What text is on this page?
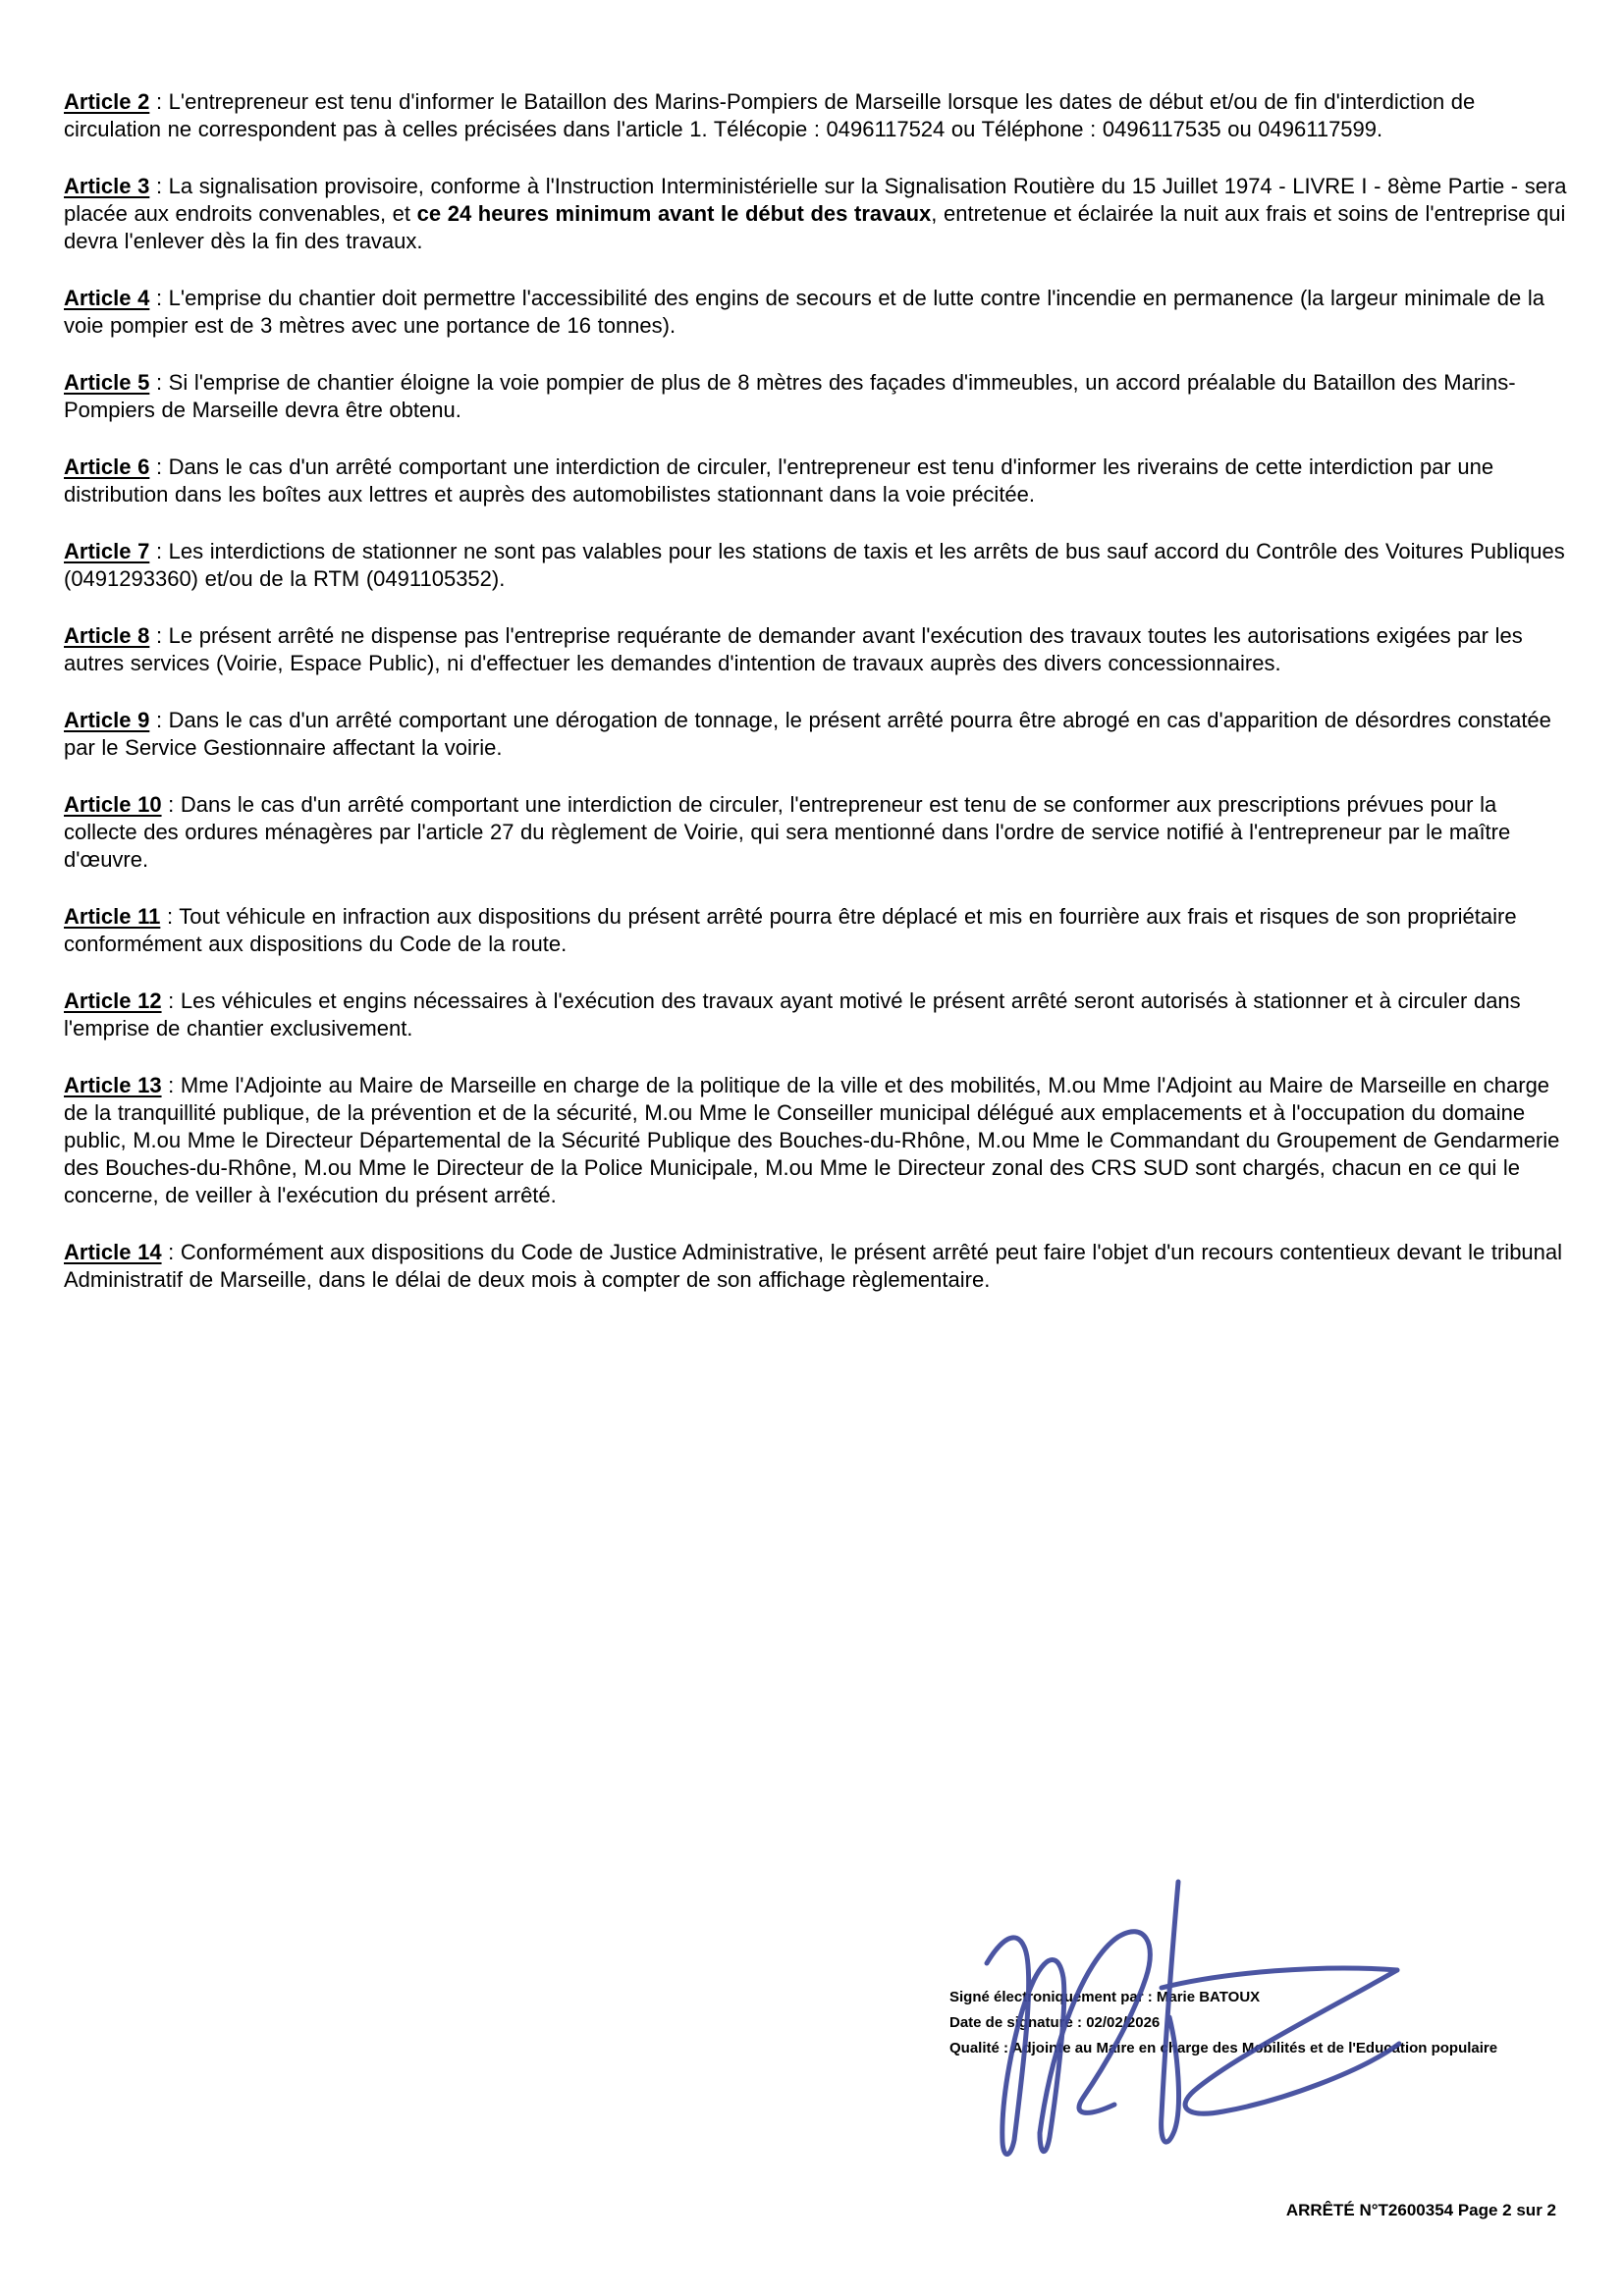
Article 2 : L'entrepreneur est tenu d'informer le Bataillon des Marins-Pompiers de Marseille lorsque les dates de début et/ou de fin d'interdiction de circulation ne correspondent pas à celles précisées dans l'article 1. Télécopie : 0496117524 ou Téléphone : 0496117535 ou 0496117599.

Article 3 : La signalisation provisoire, conforme à l'Instruction Interministérielle sur la Signalisation Routière du 15 Juillet 1974 - LIVRE I - 8ème Partie - sera placée aux endroits convenables, et ce 24 heures minimum avant le début des travaux, entretenue et éclairée la nuit aux frais et soins de l'entreprise qui devra l'enlever dès la fin des travaux.

Article 4 : L'emprise du chantier doit permettre l'accessibilité des engins de secours et de lutte contre l'incendie en permanence (la largeur minimale de la voie pompier est de 3 mètres avec une portance de 16 tonnes).

Article 5 : Si l'emprise de chantier éloigne la voie pompier de plus de 8 mètres des façades d'immeubles, un accord préalable du Bataillon des Marins-Pompiers de Marseille devra être obtenu.

Article 6 : Dans le cas d'un arrêté comportant une interdiction de circuler, l'entrepreneur est tenu d'informer les riverains de cette interdiction par une distribution dans les boîtes aux lettres et auprès des automobilistes stationnant dans la voie précitée.

Article 7 : Les interdictions de stationner ne sont pas valables pour les stations de taxis et les arrêts de bus sauf accord du Contrôle des Voitures Publiques (0491293360) et/ou de la RTM (0491105352).

Article 8 : Le présent arrêté ne dispense pas l'entreprise requérante de demander avant l'exécution des travaux toutes les autorisations exigées par les autres services (Voirie, Espace Public), ni d'effectuer les demandes d'intention de travaux auprès des divers concessionnaires.

Article 9 : Dans le cas d'un arrêté comportant une dérogation de tonnage, le présent arrêté pourra être abrogé en cas d'apparition de désordres constatée par le Service Gestionnaire affectant la voirie.

Article 10 : Dans le cas d'un arrêté comportant une interdiction de circuler, l'entrepreneur est tenu de se conformer aux prescriptions prévues pour la collecte des ordures ménagères par l'article 27 du règlement de Voirie, qui sera mentionné dans l'ordre de service notifié à l'entrepreneur par le maître d'œuvre.

Article 11 : Tout véhicule en infraction aux dispositions du présent arrêté pourra être déplacé et mis en fourrière aux frais et risques de son propriétaire conformément aux dispositions du Code de la route.

Article 12 : Les véhicules et engins nécessaires à l'exécution des travaux ayant motivé le présent arrêté seront autorisés à stationner et à circuler dans l'emprise de chantier exclusivement.

Article 13 : Mme l'Adjointe au Maire de Marseille en charge de la politique de la ville et des mobilités, M.ou Mme l'Adjoint au Maire de Marseille en charge de la tranquillité publique, de la prévention et de la sécurité, M.ou Mme le Conseiller municipal délégué aux emplacements et à l'occupation du domaine public, M.ou Mme le Directeur Départemental de la Sécurité Publique des Bouches-du-Rhône, M.ou Mme le Commandant du Groupement de Gendarmerie des Bouches-du-Rhône, M.ou Mme le Directeur de la Police Municipale, M.ou Mme le Directeur zonal des CRS SUD sont chargés, chacun en ce qui le concerne, de veiller à l'exécution du présent arrêté.

Article 14 : Conformément aux dispositions du Code de Justice Administrative, le présent arrêté peut faire l'objet d'un recours contentieux devant le tribunal Administratif de Marseille, dans le délai de deux mois à compter de son affichage règlementaire.

Signé électroniquement par : Marie BATOUX
Date de signature : 02/02/2026
Qualité : Adjointe au Maire en charge des Mobilités et de l'Education populaire
ARRÊTÉ N°T2600354 Page 2 sur 2
